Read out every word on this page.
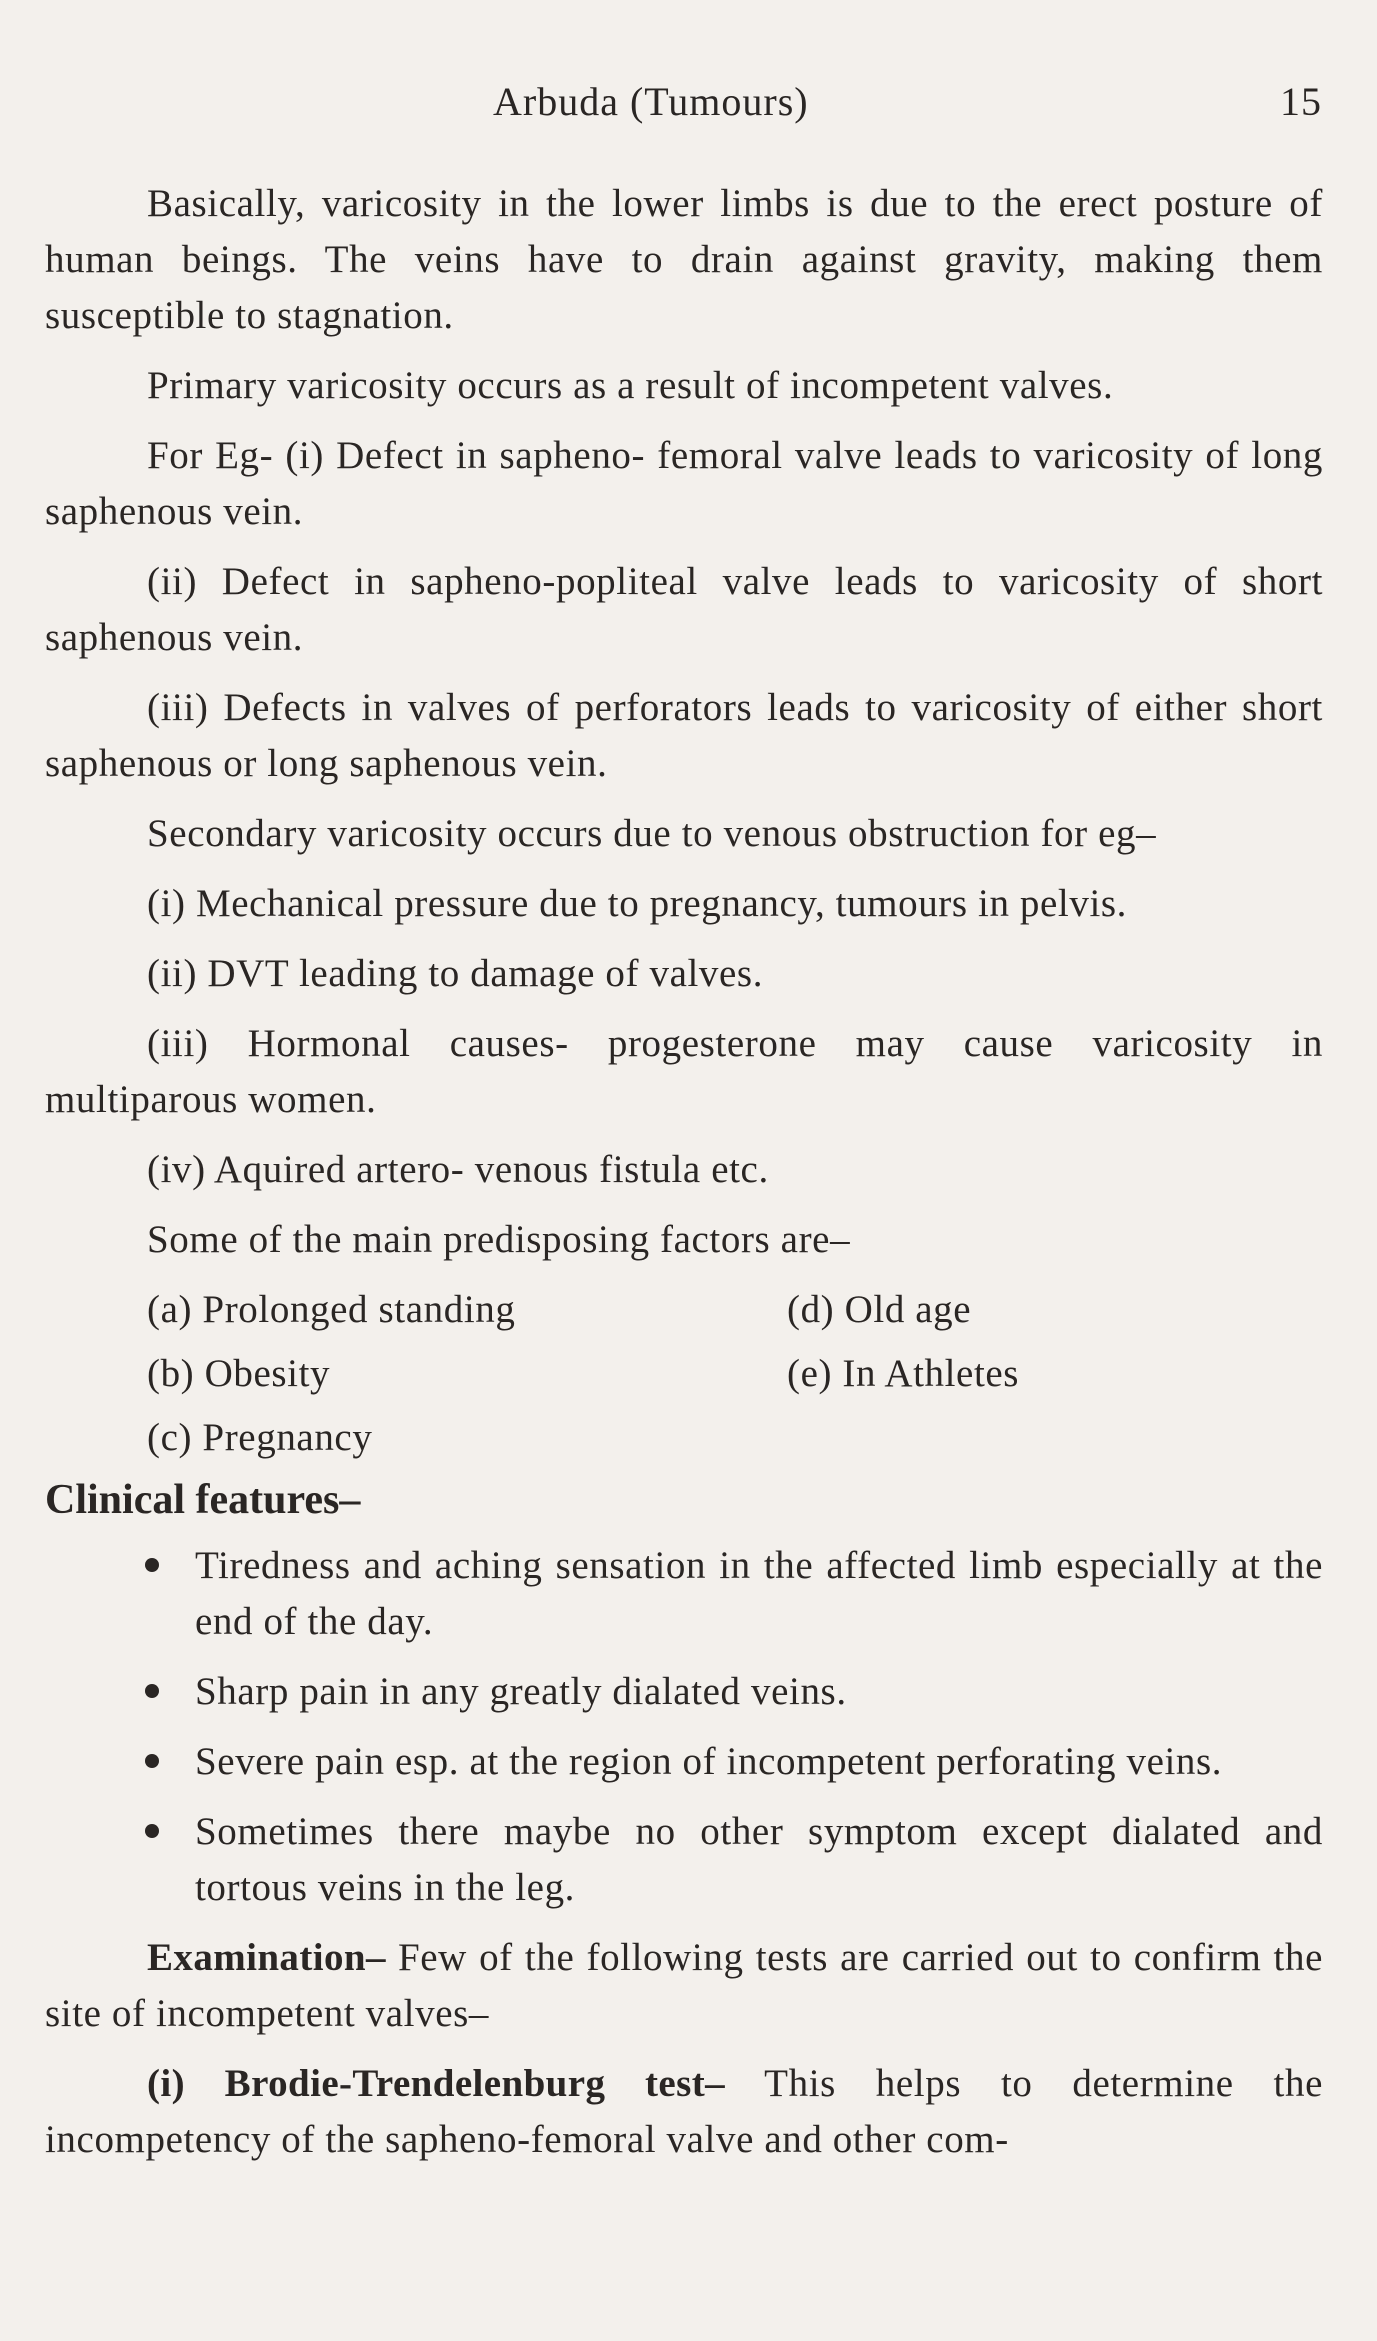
Arbuda (Tumours)	15

Basically, varicosity in the lower limbs is due to the erect posture of human beings. The veins have to drain against gravity, making them susceptible to stagnation.

Primary varicosity occurs as a result of incompetent valves.

For Eg- (i) Defect in sapheno- femoral valve leads to varicosity of long saphenous vein.

(ii) Defect in sapheno-popliteal valve leads to varicosity of short saphenous vein.

(iii) Defects in valves of perforators leads to varicosity of either short saphenous or long saphenous vein.

Secondary varicosity occurs due to venous obstruction for eg–

(i) Mechanical pressure due to pregnancy, tumours in pelvis.

(ii) DVT leading to damage of valves.

(iii) Hormonal causes- progesterone may cause varicosity in multiparous women.

(iv) Aquired artero- venous fistula etc.

Some of the main predisposing factors are–

(a) Prolonged standing	(d) Old age
(b) Obesity	(e) In Athletes
(c) Pregnancy

Clinical features–

Tiredness and aching sensation in the affected limb especially at the end of the day.
Sharp pain in any greatly dialated veins.
Severe pain esp. at the region of incompetent perforating veins.
Sometimes there maybe no other symptom except dialated and tortous veins in the leg.

Examination– Few of the following tests are carried out to confirm the site of incompetent valves–

(i) Brodie-Trendelenburg test– This helps to determine the incompetency of the sapheno-femoral valve and other com-
